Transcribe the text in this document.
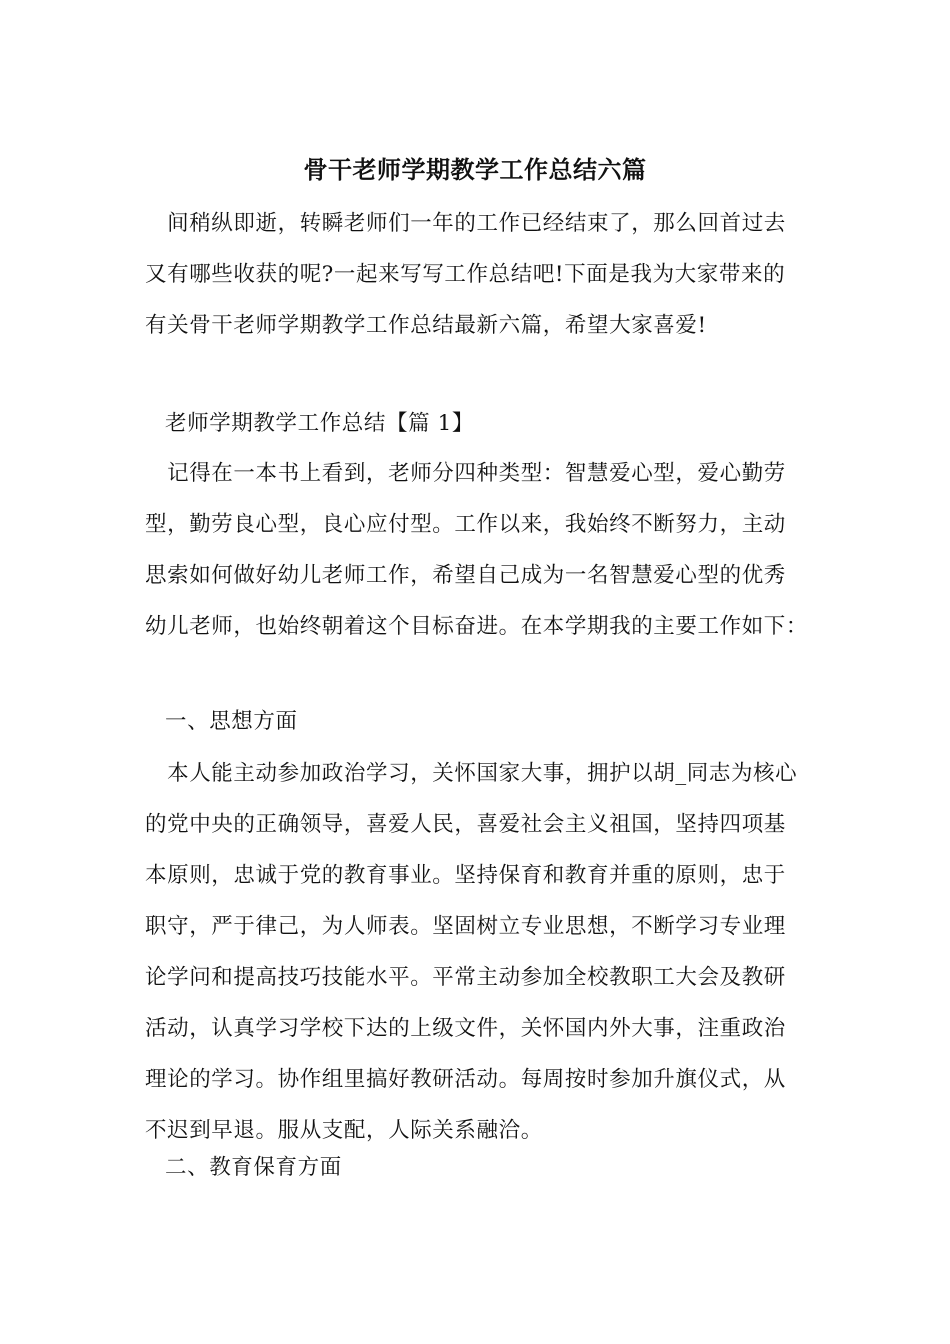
骨干老师学期教学工作总结六篇
　间稍纵即逝，转瞬老师们一年的工作已经结束了，那么回首过去
又有哪些收获的呢?一起来写写工作总结吧!下面是我为大家带来的
有关骨干老师学期教学工作总结最新六篇，希望大家喜爱!
老师学期教学工作总结【篇 1】
　记得在一本书上看到，老师分四种类型：智慧爱心型，爱心勤劳
型，勤劳良心型，良心应付型。工作以来，我始终不断努力，主动
思索如何做好幼儿老师工作，希望自己成为一名智慧爱心型的优秀
幼儿老师，也始终朝着这个目标奋进。在本学期我的主要工作如下：
一、思想方面
　本人能主动参加政治学习，关怀国家大事，拥护以胡_同志为核心
的党中央的正确领导，喜爱人民，喜爱社会主义祖国，坚持四项基
本原则，忠诚于党的教育事业。坚持保育和教育并重的原则，忠于
职守，严于律己，为人师表。坚固树立专业思想，不断学习专业理
论学问和提高技巧技能水平。平常主动参加全校教职工大会及教研
活动，认真学习学校下达的上级文件，关怀国内外大事，注重政治
理论的学习。协作组里搞好教研活动。每周按时参加升旗仪式，从
不迟到早退。服从支配，人际关系融洽。
二、教育保育方面
